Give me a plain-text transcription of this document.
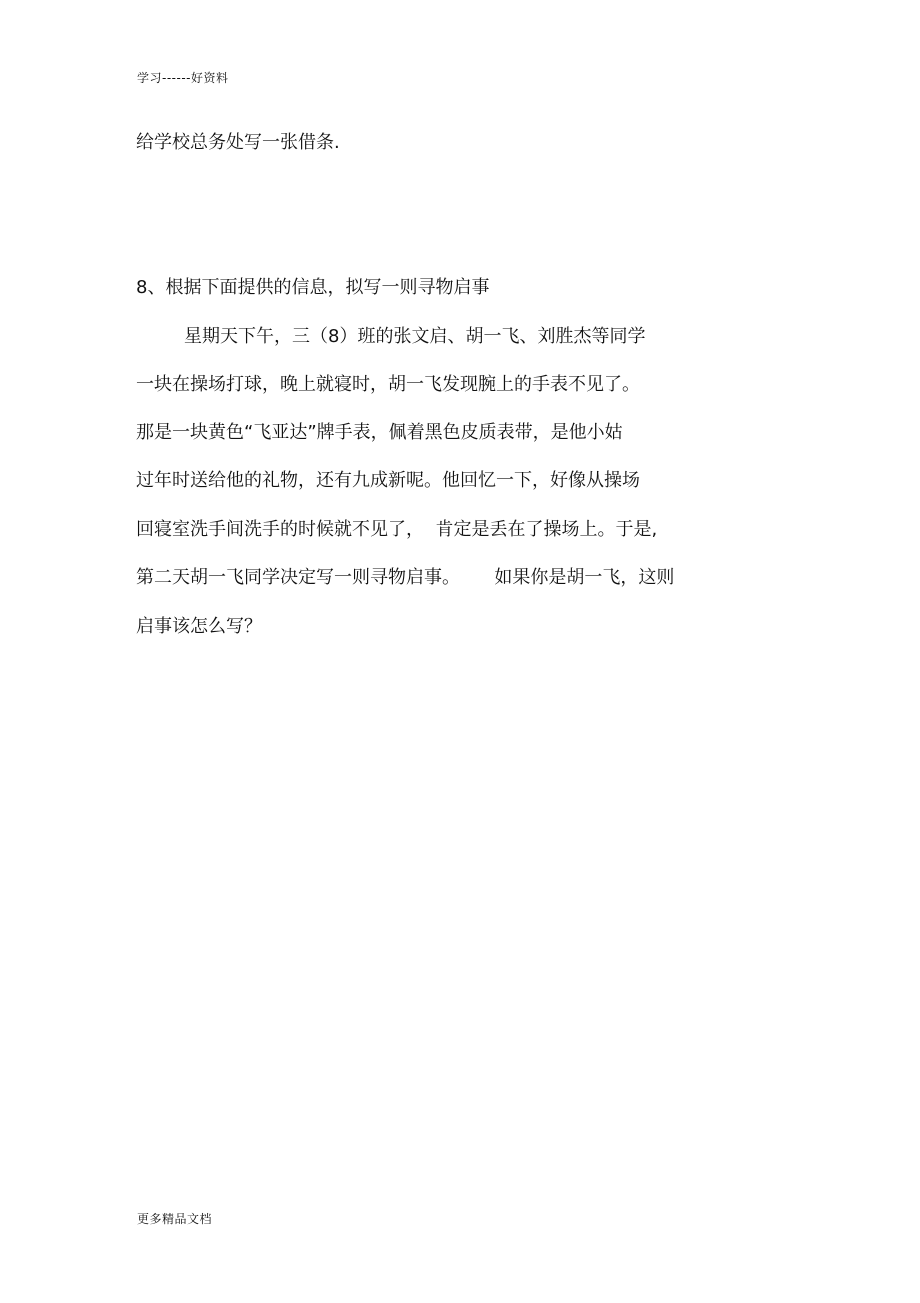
学习------好资料
给学校总务处写一张借条.
8、根据下面提供的信息，拟写一则寻物启事
星期天下午，三（8）班的张文启、胡一飞、刘胜杰等同学
一块在操场打球，晚上就寝时，胡一飞发现腕上的手表不见了。
那是一块黄色“飞亚达”牌手表，佩着黑色皮质表带，是他小姑
过年时送给他的礼物，还有九成新呢。他回忆一下，好像从操场
回寝室洗手间洗手的时候就不见了，  肯定是丢在了操场上。于是,
第二天胡一飞同学决定写一则寻物启事。      如果你是胡一飞，这则
启事该怎么写？
更多精品文档
